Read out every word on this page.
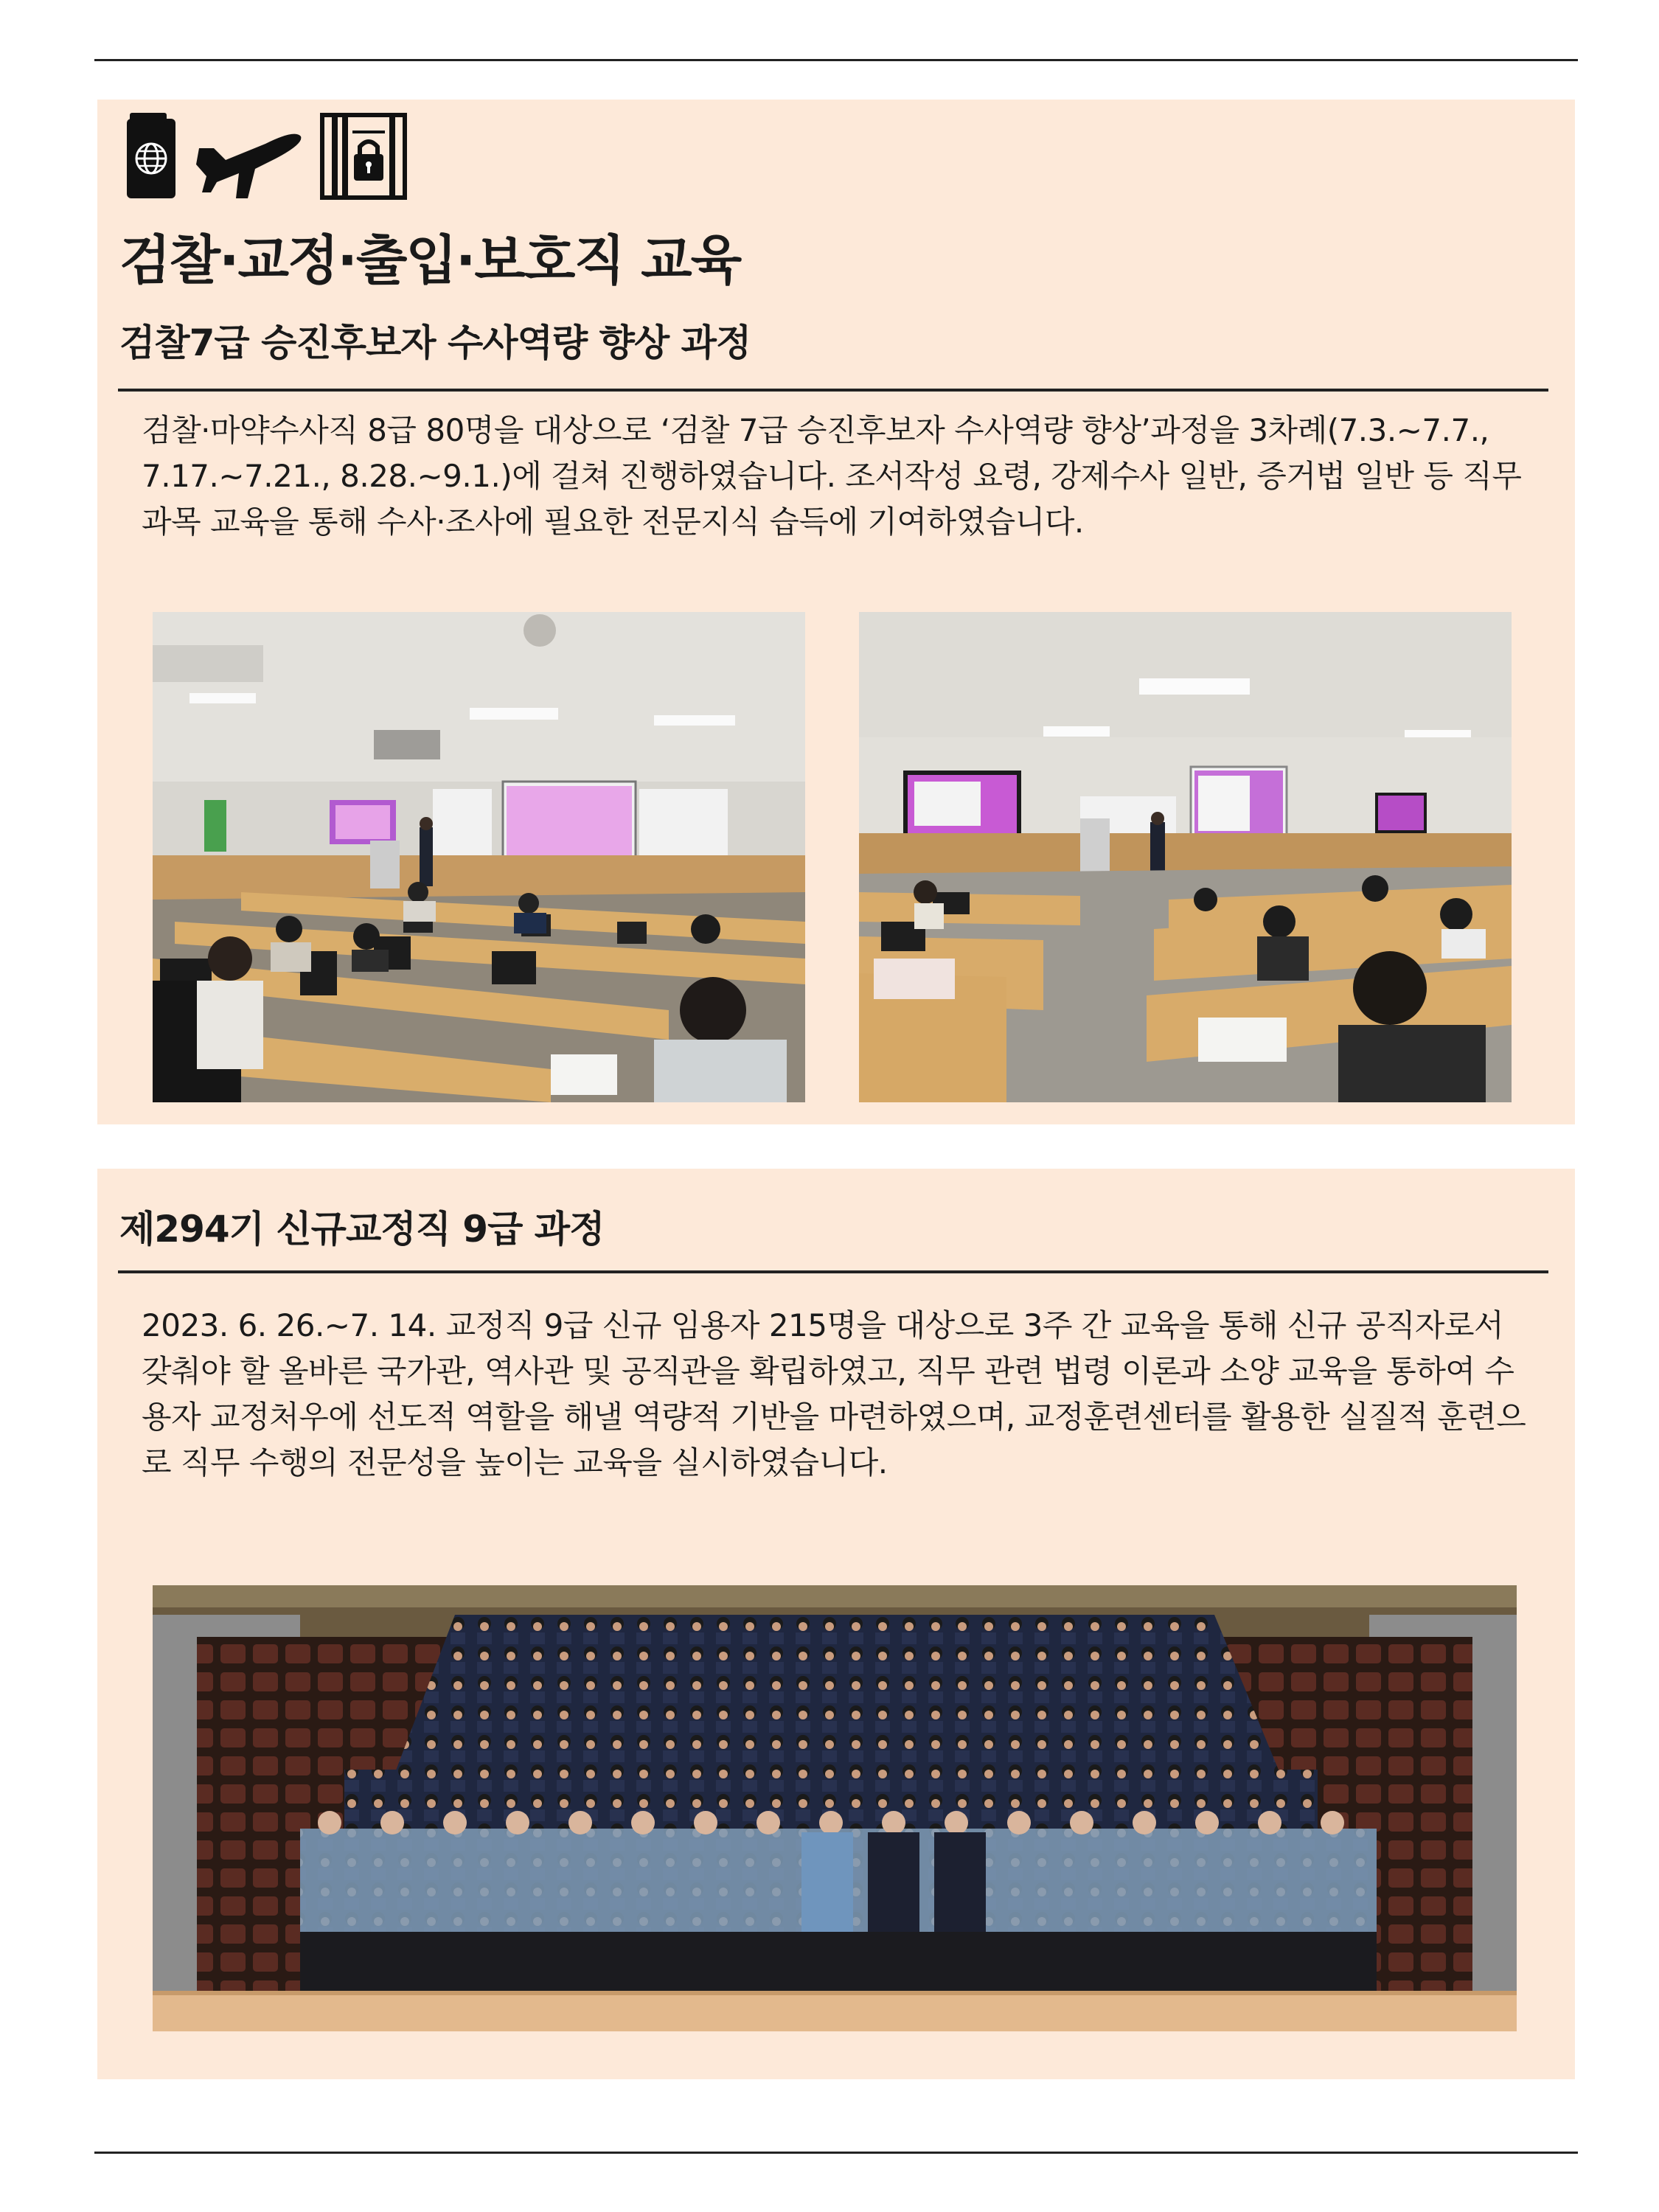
검찰·교정·출입·보호직 교육
검찰7급 승진후보자 수사역량 향상 과정

검찰·마약수사직 8급 80명을 대상으로 ‘검찰 7급 승진후보자 수사역량 향상’과정을 3차례(7.3.~7.7., 7.17.~7.21., 8.28.~9.1.)에 걸쳐 진행하였습니다. 조서작성 요령, 강제수사 일반, 증거법 일반 등 직무과목 교육을 통해 수사·조사에 필요한 전문지식 습득에 기여하였습니다.

제294기 신규교정직 9급 과정

2023. 6. 26.~7. 14. 교정직 9급 신규 임용자 215명을 대상으로 3주 간 교육을 통해 신규 공직자로서 갖춰야 할 올바른 국가관, 역사관 및 공직관을 확립하였고, 직무 관련 법령 이론과 소양 교육을 통하여 수용자 교정처우에 선도적 역할을 해낼 역량적 기반을 마련하였으며, 교정훈련센터를 활용한 실질적 훈련으로 직무 수행의 전문성을 높이는 교육을 실시하였습니다.
